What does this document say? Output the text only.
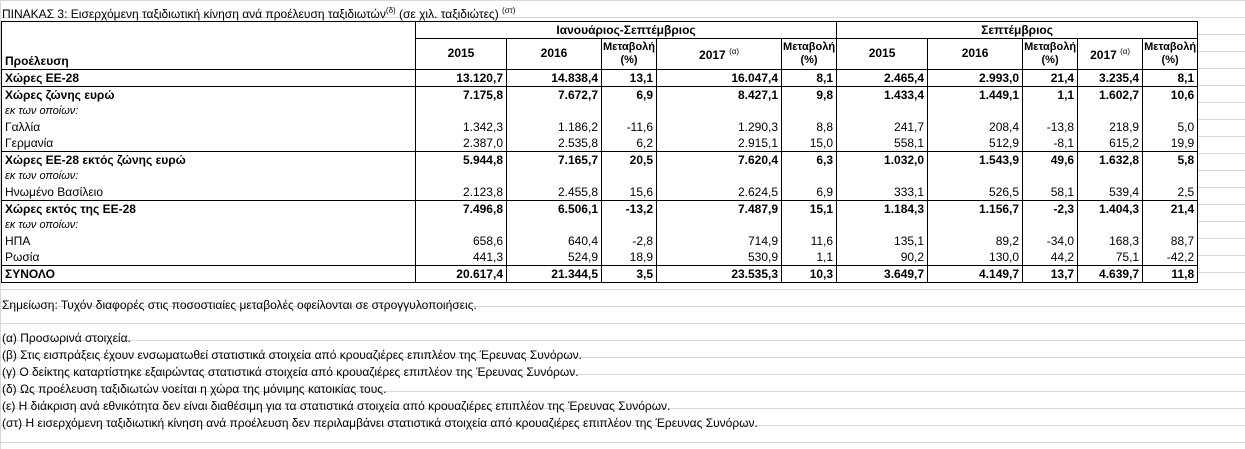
ΠΙΝΑΚΑΣ 3: Εισερχόμενη ταξιδιωτική κίνηση ανά προέλευση ταξιδιωτών$^{(\delta)}$ (σε χιλ. ταξιδιώτες) $^{(\sigma\tau)}$
	Ιανουάριος-Σεπτέμβριος					Σεπτέμβριος				
Προέλευση	2015	2016	Μεταβολή (%)	2017 $^{(\alpha)}$	Μεταβολή (%)	2015	2016	Μεταβολή (%)	2017 $^{(\alpha)}$	Μεταβολή (%)
Χώρες ΕΕ-28	13.120,7	14.838,4	13,1	16.047,4	8,1	2.465,4	2.993,0	21,4	3.235,4	8,1
Χώρες ζώνης ευρώ	7.175,8	7.672,7	6,9	8.427,1	9,8	1.433,4	1.449,1	1,1	1.602,7	10,6
εκ των οποίων:										
Γαλλία	1.342,3	1.186,2	-11,6	1.290,3	8,8	241,7	208,4	-13,8	218,9	5,0
Γερμανία	2.387,0	2.535,8	6,2	2.915,1	15,0	558,1	512,9	-8,1	615,2	19,9
Χώρες ΕΕ-28 εκτός ζώνης ευρώ	5.944,8	7.165,7	20,5	7.620,4	6,3	1.032,0	1.543,9	49,6	1.632,8	5,8
εκ των οποίων:										
Ηνωμένο Βασίλειο	2.123,8	2.455,8	15,6	2.624,5	6,9	333,1	526,5	58,1	539,4	2,5
Χώρες εκτός της ΕΕ-28	7.496,8	6.506,1	-13,2	7.487,9	15,1	1.184,3	1.156,7	-2,3	1.404,3	21,4
εκ των οποίων:										
ΗΠΑ	658,6	640,4	-2,8	714,9	11,6	135,1	89,2	-34,0	168,3	88,7
Ρωσία	441,3	524,9	18,9	530,9	1,1	90,2	130,0	44,2	75,1	-42,2
ΣΥΝΟΛΟ	20.617,4	21.344,5	3,5	23.535,3	10,3	3.649,7	4.149,7	13,7	4.639,7	11,8
Σημείωση: Τυχόν διαφορές στις ποσοστιαίες μεταβολές οφείλονται σε στρογγυλοποιήσεις.
(α) Προσωρινά στοιχεία.
(β) Στις εισπράξεις έχουν ενσωματωθεί στατιστικά στοιχεία από κρουαζιέρες επιπλέον της Έρευνας Συνόρων.
(γ) Ο δείκτης καταρτίστηκε εξαιρώντας στατιστικά στοιχεία από κρουαζιέρες επιπλέον της Έρευνας Συνόρων.
(δ) Ως προέλευση ταξιδιωτών νοείται η χώρα της μόνιμης κατοικίας τους.
(ε) Η διάκριση ανά εθνικότητα δεν είναι διαθέσιμη για τα στατιστικά στοιχεία από κρουαζιέρες επιπλέον της Έρευνας Συνόρων.
(στ) Η εισερχόμενη ταξιδιωτική κίνηση ανά προέλευση δεν περιλαμβάνει στατιστικά στοιχεία από κρουαζιέρες επιπλέον της Έρευνας Συνόρων.
